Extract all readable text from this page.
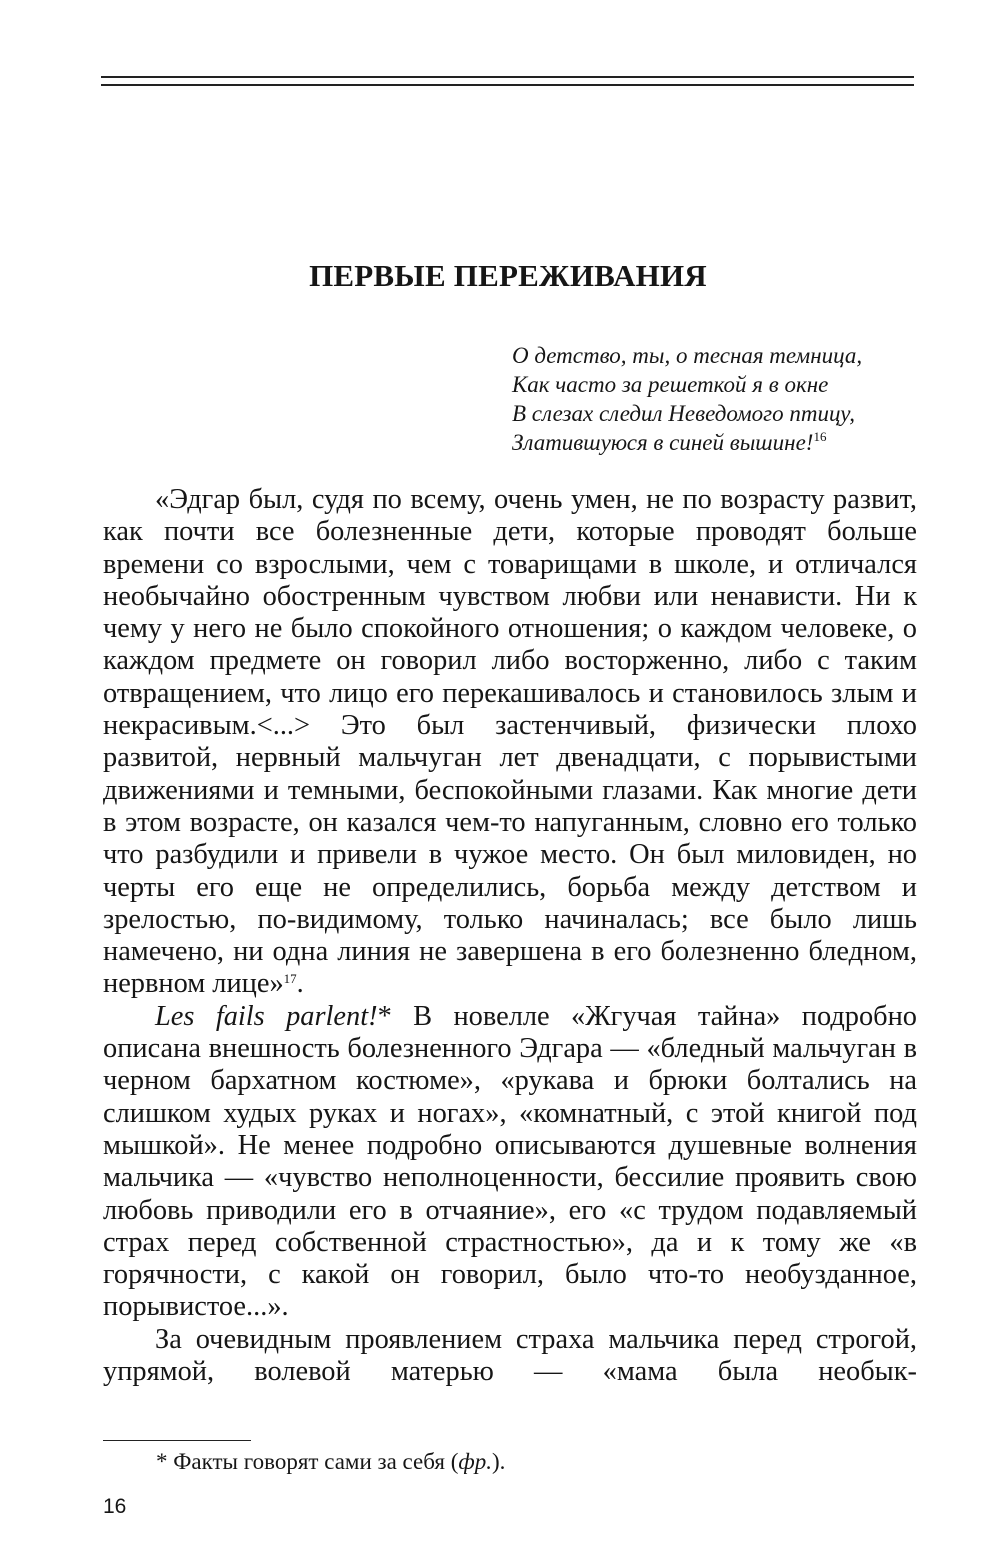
ПЕРВЫЕ ПЕРЕЖИВАНИЯ
О детство, ты, о тесная темница,
Как часто за решеткой я в окне
В слезах следил Неведомого птицу,
Златившуюся в синей вышине!$^{16}$

«Эдгар был, судя по всему, очень умен, не по возрасту развит, как почти все болезненные дети, которые проводят больше времени со взрослыми, чем с товарищами в школе, и отличался необычайно обостренным чувством любви или ненависти. Ни к чему у него не было спокойного отношения; о каждом человеке, о каждом предмете он говорил либо восторженно, либо с таким отвращением, что лицо его перекашивалось и становилось злым и некрасивым.<...> Это был застенчивый, физически плохо развитой, нервный мальчуган лет двенадцати, с порывистыми движениями и темными, беспокойными глазами. Как многие дети в этом возрасте, он казался чем-то напуганным, словно его только что разбудили и привели в чужое место. Он был миловиден, но черты его еще не определились, борьба между детством и зрелостью, по-видимому, только начиналась; все было лишь намечено, ни одна линия не завершена в его болезненно бледном, нервном лице»$^{17}$.

Les fails parlent!* В новелле «Жгучая тайна» подробно описана внешность болезненного Эдгара — «бледный мальчуган в черном бархатном костюме», «рукава и брюки болтались на слишком худых руках и ногах», «комнатный, с этой книгой под мышкой». Не менее подробно описываются душевные волнения мальчика — «чувство неполноценности, бессилие проявить свою любовь приводили его в отчаяние», его «с трудом подавляемый страх перед собственной страстностью», да и к тому же «в горячности, с какой он говорил, было что-то необузданное, порывистое...».

За очевидным проявлением страха мальчика перед строгой, упрямой, волевой матерью — «мама была необык-

* Факты говорят сами за себя (фр.).
16
